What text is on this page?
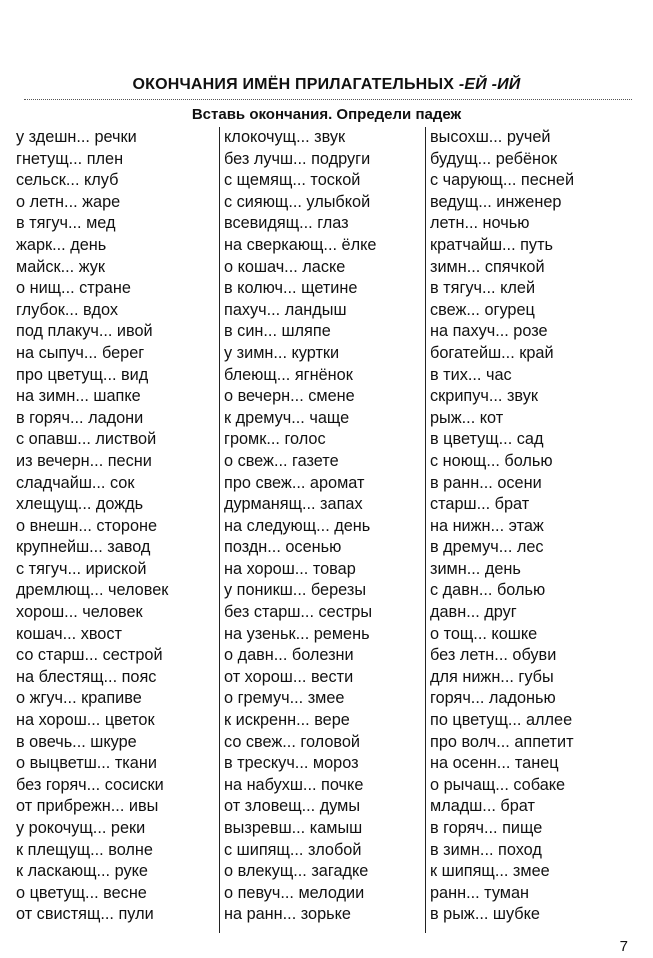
ОКОНЧАНИЯ ИМЁН ПРИЛАГАТЕЛЬНЫХ -ЕЙ -ИЙ
Вставь окончания. Определи падеж
у здешн... речки
гнетущ... плен
сельск... клуб
о летн... жаре
в тягуч... мед
жарк... день
майск... жук
о нищ... стране
глубок... вдох
под плакуч... ивой
на сыпуч... берег
про цветущ... вид
на зимн... шапке
в горяч... ладони
с опавш... листвой
из вечерн... песни
сладчайш... сок
хлещущ... дождь
о внешн... стороне
крупнейш... завод
с тягуч... ириской
дремлющ... человек
хорош... человек
кошач... хвост
со старш... сестрой
на блестящ... пояс
о жгуч... крапиве
на хорош... цветок
в овечь... шкуре
о выцветш... ткани
без горяч... сосиски
от прибрежн... ивы
у рокочущ... реки
к плещущ... волне
к ласкающ... руке
о цветущ... весне
от свистящ... пули
клокочущ... звук
без лучш... подруги
с щемящ... тоской
с сияющ... улыбкой
всевидящ... глаз
на сверкающ... ёлке
о кошач... ласке
в колюч... щетине
пахуч... ландыш
в син... шляпе
у зимн... куртки
блеющ... ягнёнок
о вечерн... смене
к дремуч... чаще
громк... голос
о свеж... газете
про свеж... аромат
дурманящ... запах
на следующ... день
поздн... осенью
на хорош... товар
у поникш... березы
без старш... сестры
на узеньк... ремень
о давн... болезни
от хорош... вести
о гремуч... змее
к искренн... вере
со свеж... головой
в трескуч... мороз
на набухш... почке
от зловещ... думы
вызревш... камыш
с шипящ... злобой
о влекущ... загадке
о певуч... мелодии
на ранн... зорьке
высохш... ручей
будущ... ребёнок
с чарующ... песней
ведущ... инженер
летн... ночью
кратчайш... путь
зимн... спячкой
в тягуч... клей
свеж... огурец
на пахуч... розе
богатейш... край
в тих... час
скрипуч... звук
рыж... кот
в цветущ... сад
с ноющ... болью
в ранн... осени
старш... брат
на нижн... этаж
в дремуч... лес
зимн... день
с давн... болью
давн... друг
о тощ... кошке
без летн... обуви
для нижн... губы
горяч... ладонью
по цветущ... аллее
про волч... аппетит
на осенн... танец
о рычащ... собаке
младш... брат
в горяч... пище
в зимн... поход
к шипящ... змее
ранн... туман
в рыж... шубке
7
